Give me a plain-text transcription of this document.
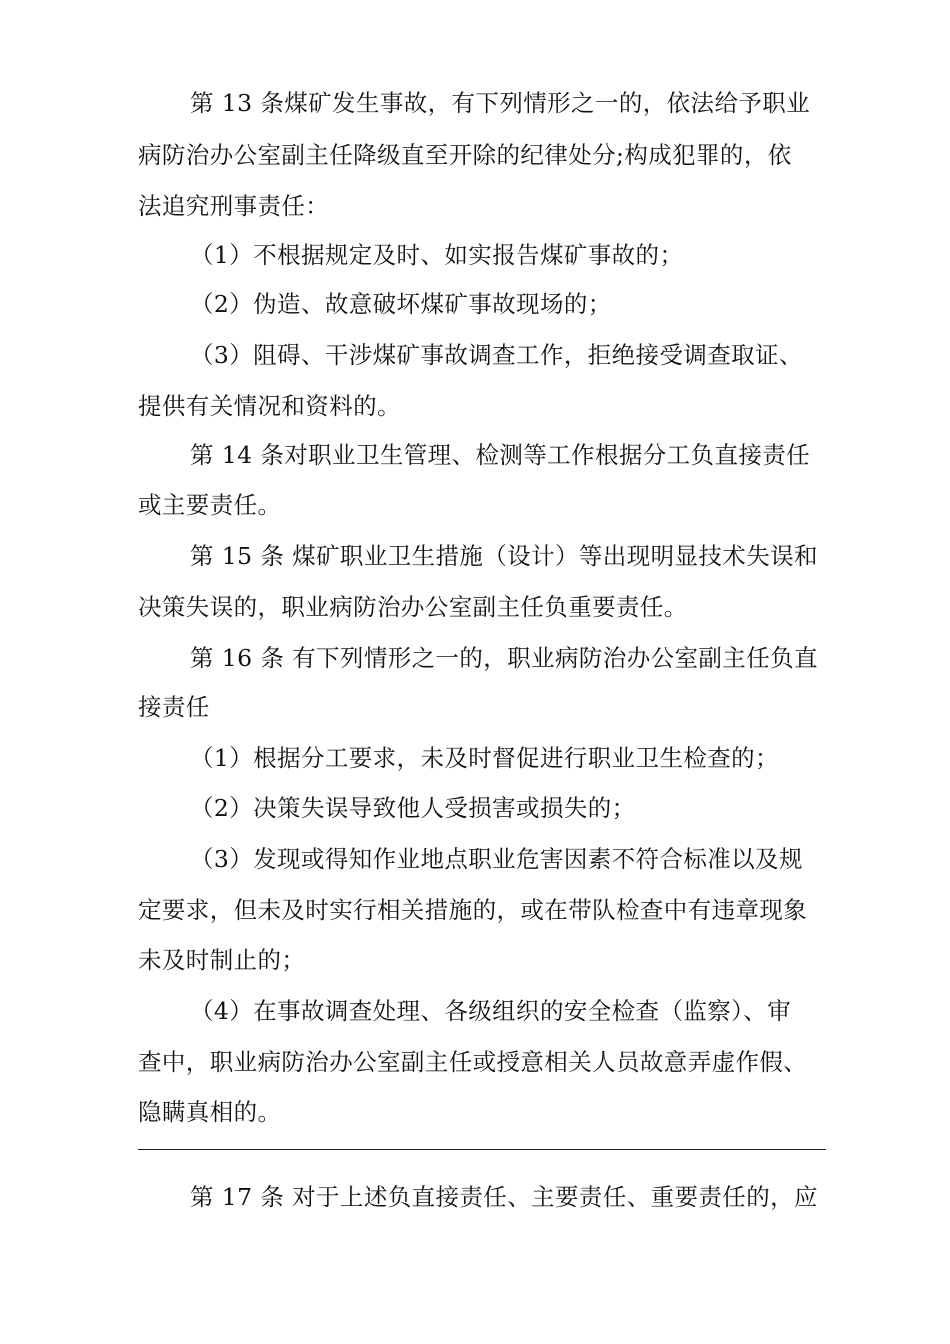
第 13 条煤矿发生事故，有下列情形之一的，依法给予职业
病防治办公室副主任降级直至开除的纪律处分;构成犯罪的，依
法追究刑事责任：
（1）不根据规定及时、如实报告煤矿事故的；
（2）伪造、故意破坏煤矿事故现场的；
（3）阻碍、干涉煤矿事故调查工作，拒绝接受调查取证、
提供有关情况和资料的。
第 14 条对职业卫生管理、检测等工作根据分工负直接责任
或主要责任。
第 15 条 煤矿职业卫生措施（设计）等出现明显技术失误和
决策失误的，职业病防治办公室副主任负重要责任。
第 16 条 有下列情形之一的，职业病防治办公室副主任负直
接责任
（1）根据分工要求，未及时督促进行职业卫生检查的；
（2）决策失误导致他人受损害或损失的；
（3）发现或得知作业地点职业危害因素不符合标准以及规
定要求，但未及时实行相关措施的，或在带队检查中有违章现象
未及时制止的；
（4）在事故调查处理、各级组织的安全检查（监察）、审
查中，职业病防治办公室副主任或授意相关人员故意弄虚作假、
隐瞒真相的。
第 17 条 对于上述负直接责任、主要责任、重要责任的，应
